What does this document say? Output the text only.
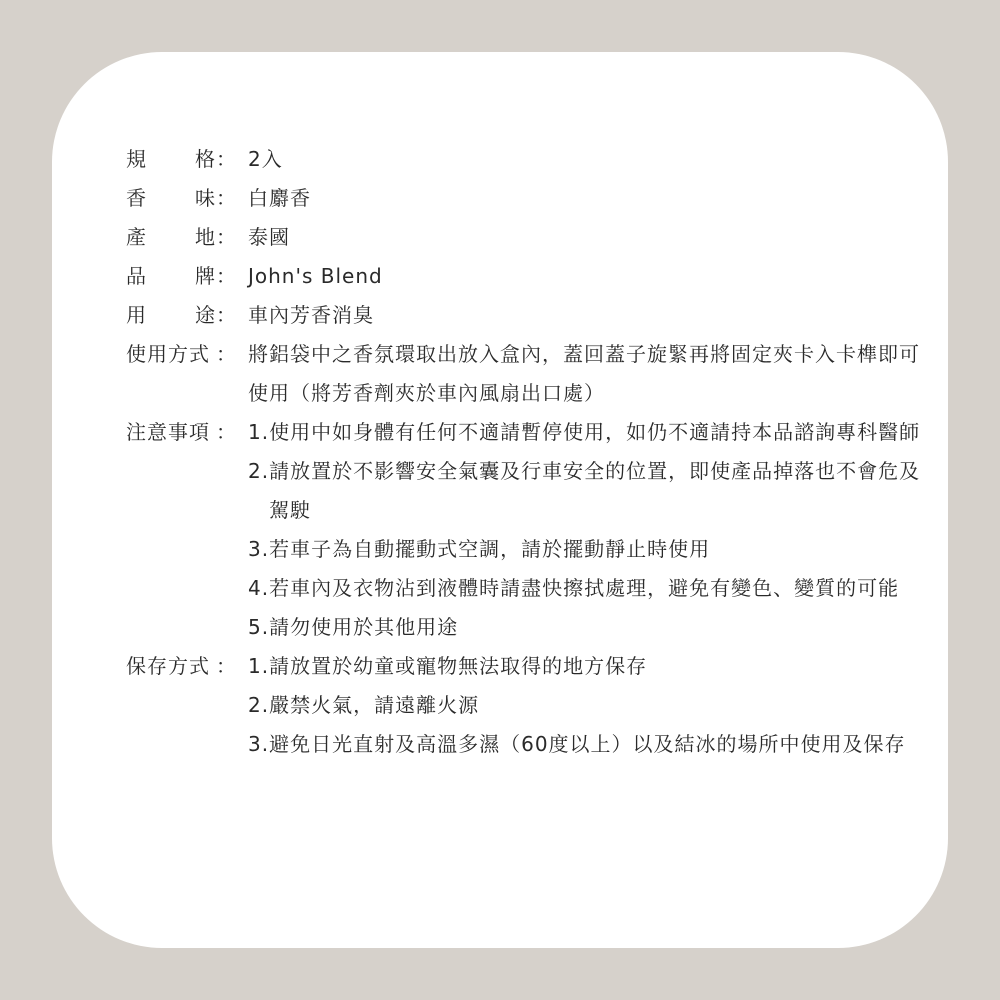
規 格 ： 2入
香 味 ： 白麝香
產 地 ： 泰國
品 牌 ： John's Blend
用 途 ： 車內芳香消臭
使用方式 ： 將鋁袋中之香氛環取出放入盒內，蓋回蓋子旋緊再將固定夾卡入卡榫即可使用（將芳香劑夾於車內風扇出口處）
注意事項 ： 1. 使用中如身體有任何不適請暫停使用，如仍不適請持本品諮詢專科醫師
2. 請放置於不影響安全氣囊及行車安全的位置，即使產品掉落也不會危及駕駛
3. 若車子為自動擺動式空調，請於擺動靜止時使用
4. 若車內及衣物沾到液體時請盡快擦拭處理，避免有變色、變質的可能
5. 請勿使用於其他用途
保存方式 ： 1. 請放置於幼童或寵物無法取得的地方保存
2. 嚴禁火氣，請遠離火源
3. 避免日光直射及高溫多濕（60度以上）以及結冰的場所中使用及保存
